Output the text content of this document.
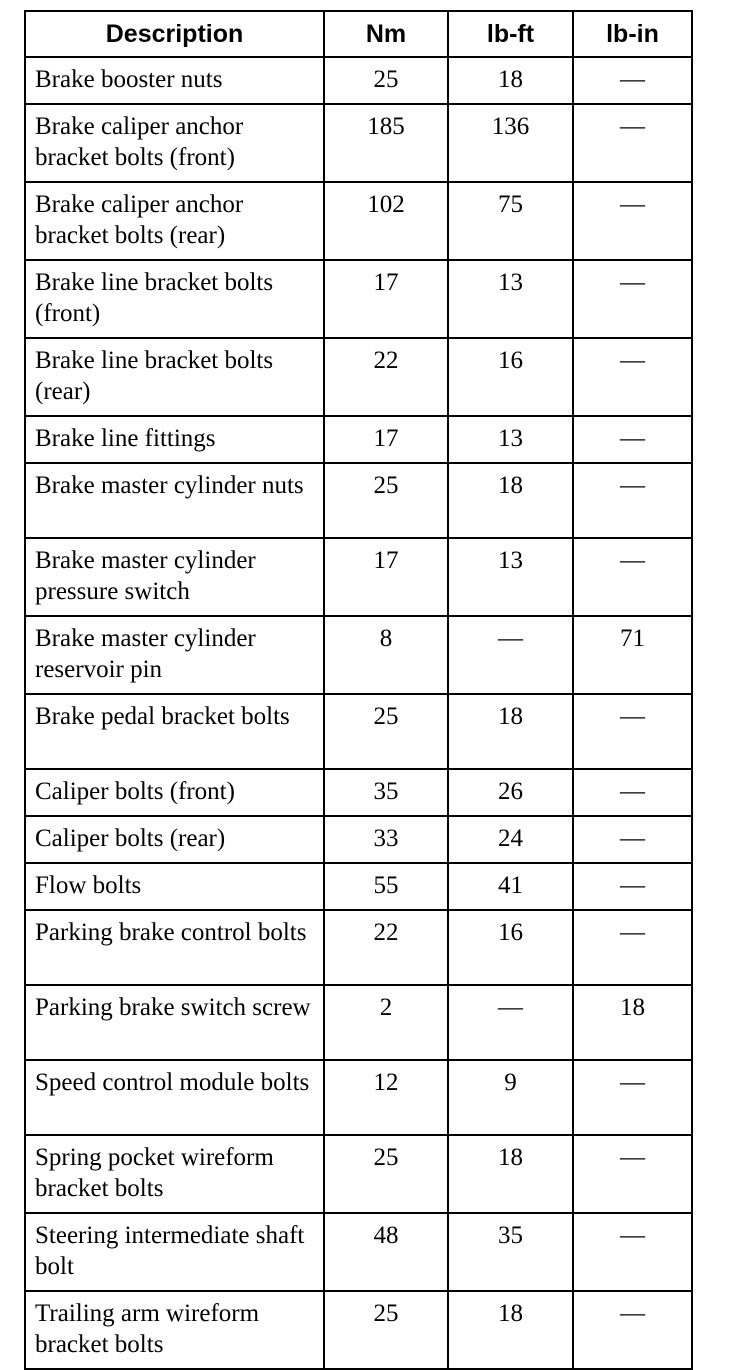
Description	Nm	lb-ft	lb-in
Brake booster nuts	25	18	—
Brake caliper anchor bracket bolts (front)	185	136	—
Brake caliper anchor bracket bolts (rear)	102	75	—
Brake line bracket bolts (front)	17	13	—
Brake line bracket bolts (rear)	22	16	—
Brake line fittings	17	13	—
Brake master cylinder nuts	25	18	—
Brake master cylinder pressure switch	17	13	—
Brake master cylinder reservoir pin	8	—	71
Brake pedal bracket bolts	25	18	—
Caliper bolts (front)	35	26	—
Caliper bolts (rear)	33	24	—
Flow bolts	55	41	—
Parking brake control bolts	22	16	—
Parking brake switch screw	2	—	18
Speed control module bolts	12	9	—
Spring pocket wireform bracket bolts	25	18	—
Steering intermediate shaft bolt	48	35	—
Trailing arm wireform bracket bolts	25	18	—
